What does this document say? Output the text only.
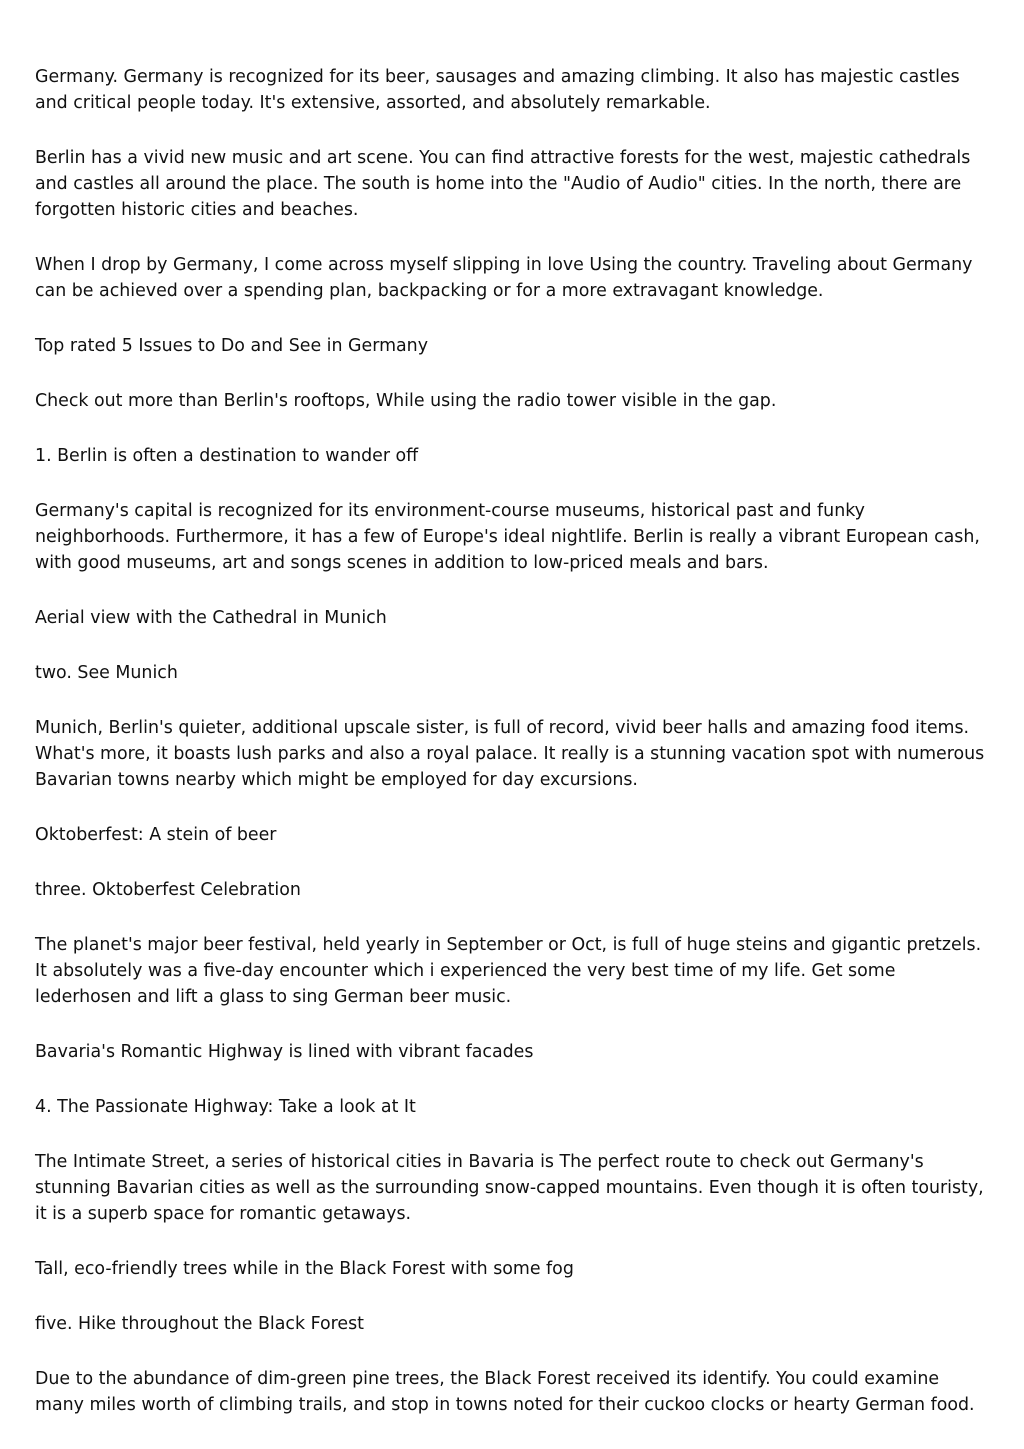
Germany. Germany is recognized for its beer, sausages and amazing climbing. It also has majestic castles and critical people today. It's extensive, assorted, and absolutely remarkable.

Berlin has a vivid new music and art scene. You can find attractive forests for the west, majestic cathedrals and castles all around the place. The south is home into the "Audio of Audio" cities. In the north, there are forgotten historic cities and beaches.

When I drop by Germany, I come across myself slipping in love Using the country. Traveling about Germany can be achieved over a spending plan, backpacking or for a more extravagant knowledge.

Top rated 5 Issues to Do and See in Germany

Check out more than Berlin's rooftops, While using the radio tower visible in the gap.

1. Berlin is often a destination to wander off

Germany's capital is recognized for its environment-course museums, historical past and funky neighborhoods. Furthermore, it has a few of Europe's ideal nightlife. Berlin is really a vibrant European cash, with good museums, art and songs scenes in addition to low-priced meals and bars.

Aerial view with the Cathedral in Munich

two. See Munich

Munich, Berlin's quieter, additional upscale sister, is full of record, vivid beer halls and amazing food items. What's more, it boasts lush parks and also a royal palace. It really is a stunning vacation spot with numerous Bavarian towns nearby which might be employed for day excursions.

Oktoberfest: A stein of beer

three. Oktoberfest Celebration

The planet's major beer festival, held yearly in September or Oct, is full of huge steins and gigantic pretzels. It absolutely was a five-day encounter which i experienced the very best time of my life. Get some lederhosen and lift a glass to sing German beer music.

Bavaria's Romantic Highway is lined with vibrant facades

4. The Passionate Highway: Take a look at It

The Intimate Street, a series of historical cities in Bavaria is The perfect route to check out Germany's stunning Bavarian cities as well as the surrounding snow-capped mountains. Even though it is often touristy, it is a superb space for romantic getaways.

Tall, eco-friendly trees while in the Black Forest with some fog

five. Hike throughout the Black Forest

Due to the abundance of dim-green pine trees, the Black Forest received its identify. You could examine many miles worth of climbing trails, and stop in towns noted for their cuckoo clocks or hearty German food.
